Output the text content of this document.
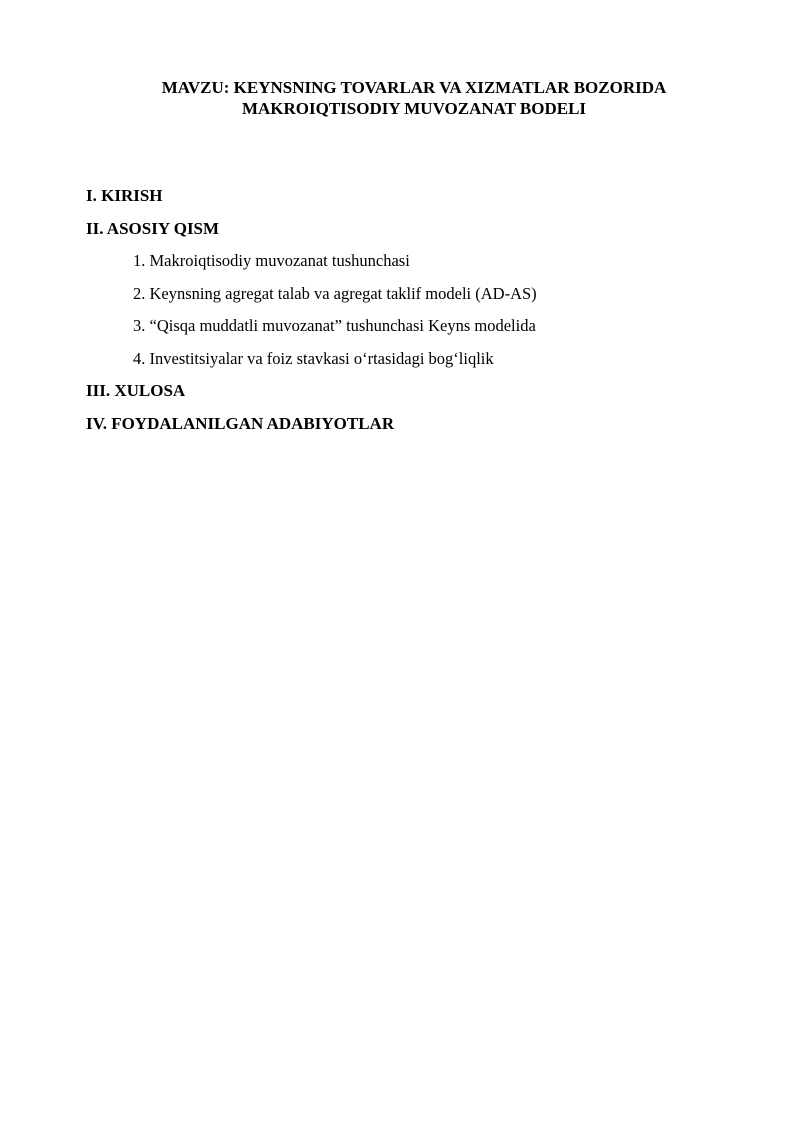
MAVZU: KEYNSNING TOVARLAR VA XIZMATLAR BOZORIDA
MAKROIQTISODIY MUVOZANAT BODELI
I. KIRISH
II. ASOSIY QISM
1. Makroiqtisodiy muvozanat tushunchasi
2. Keynsning agregat talab va agregat taklif modeli (AD-AS)
3. “Qisqa muddatli muvozanat” tushunchasi Keyns modelida
4. Investitsiyalar va foiz stavkasi o‘rtasidagi bog‘liqlik
III. XULOSA
IV. FOYDALANILGAN ADABIYOTLAR
